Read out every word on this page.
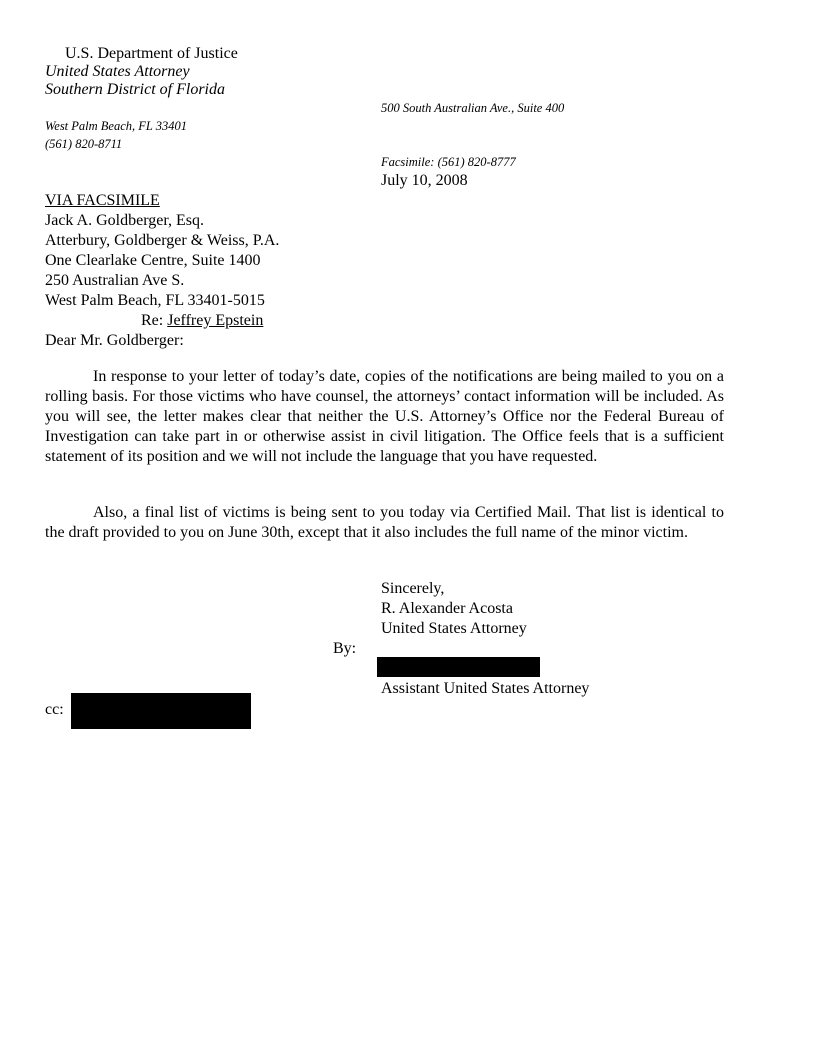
U.S. Department of Justice
United States Attorney
Southern District of Florida
500 South Australian Ave., Suite 400
West Palm Beach, FL 33401
(561) 820-8711
Facsimile: (561) 820-8777
July 10, 2008
VIA FACSIMILE
Jack A. Goldberger, Esq.
Atterbury, Goldberger & Weiss, P.A.
One Clearlake Centre, Suite 1400
250 Australian Ave S.
West Palm Beach, FL 33401-5015
Re: Jeffrey Epstein
Dear Mr. Goldberger:

In response to your letter of today’s date, copies of the notifications are being mailed to you on a rolling basis. For those victims who have counsel, the attorneys’ contact information will be included. As you will see, the letter makes clear that neither the U.S. Attorney’s Office nor the Federal Bureau of Investigation can take part in or otherwise assist in civil litigation. The Office feels that is a sufficient statement of its position and we will not include the language that you have requested.

Also, a final list of victims is being sent to you today via Certified Mail. That list is identical to the draft provided to you on June 30th, except that it also includes the full name of the minor victim.

Sincerely,
R. Alexander Acosta
United States Attorney
By:
Assistant United States Attorney
cc:
